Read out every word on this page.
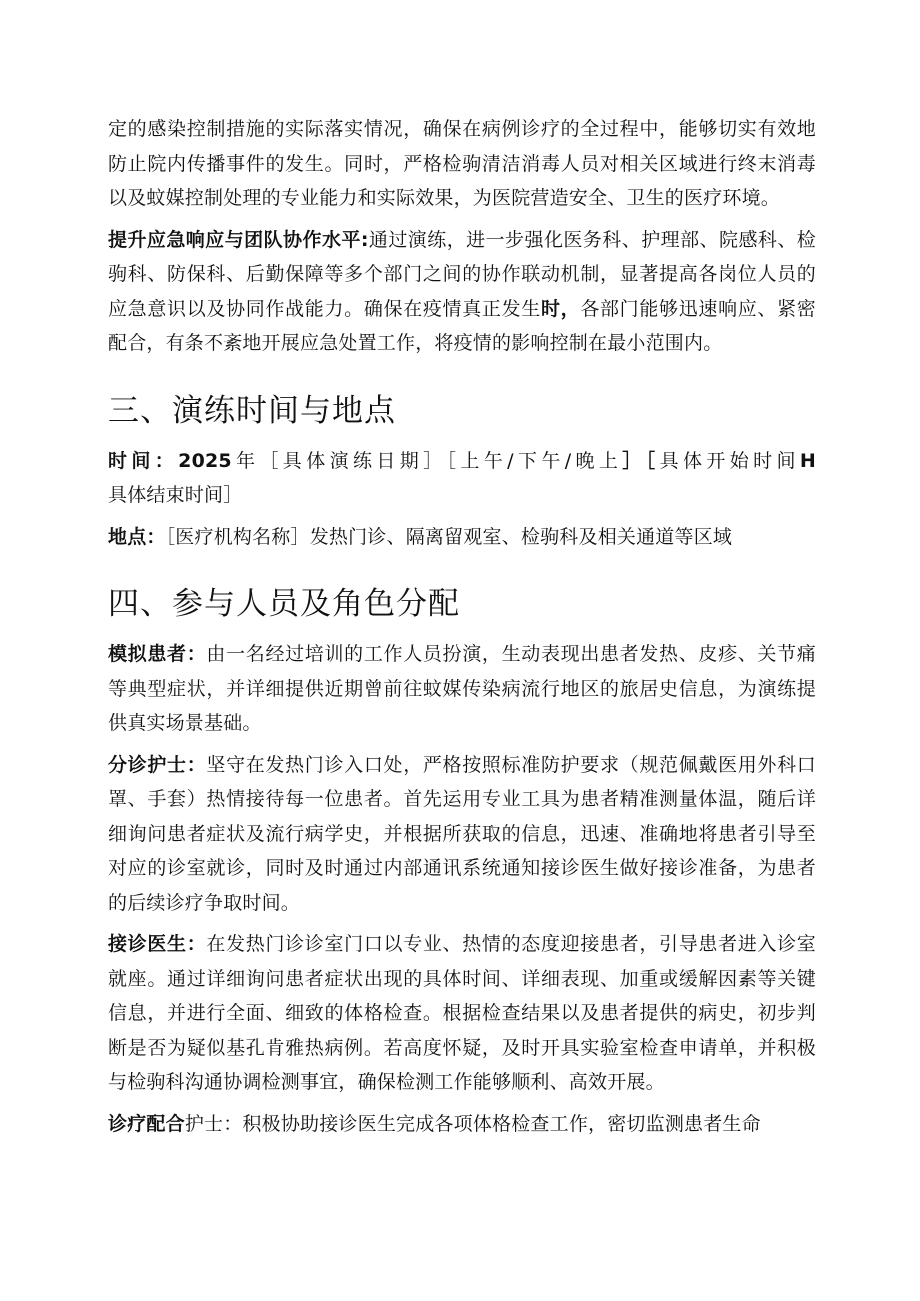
定的感染控制措施的实际落实情况，确保在病例诊疗的全过程中，能够切实有效地防止院内传播事件的发生。同时，严格检驹清洁消毒人员对相关区域进行终末消毒以及蚊媒控制处理的专业能力和实际效果，为医院营造安全、卫生的医疗环境。

提升应急响应与团队协作水平:通过演练，进一步强化医务科、护理部、院感科、检驹科、防保科、后勤保障等多个部门之间的协作联动机制，显著提高各岗位人员的应急意识以及协同作战能力。确保在疫情真正发生时，各部门能够迅速响应、紧密配合，有条不紊地开展应急处置工作，将疫情的影响控制在最小范围内。

三、演练时间与地点

时间：2025年［具体演练日期］［上午/下午/晚上］［具体开始时间H具体结束时间］

地点：［医疗机构名称］发热门诊、隔离留观室、检驹科及相关通道等区域

四、参与人员及角色分配

模拟患者：由一名经过培训的工作人员扮演，生动表现出患者发热、皮疹、关节痛等典型症状，并详细提供近期曾前往蚊媒传染病流行地区的旅居史信息，为演练提供真实场景基础。

分诊护士：坚守在发热门诊入口处，严格按照标准防护要求（规范佩戴医用外科口罩、手套）热情接待每一位患者。首先运用专业工具为患者精准测量体温，随后详细询问患者症状及流行病学史，并根据所获取的信息，迅速、准确地将患者引导至对应的诊室就诊，同时及时通过内部通讯系统通知接诊医生做好接诊准备，为患者的后续诊疗争取时间。

接诊医生：在发热门诊诊室门口以专业、热情的态度迎接患者，引导患者进入诊室就座。通过详细询问患者症状出现的具体时间、详细表现、加重或缓解因素等关键信息，并进行全面、细致的体格检查。根据检查结果以及患者提供的病史，初步判断是否为疑似基孔肯雅热病例。若高度怀疑，及时开具实验室检查申请单，并积极与检驹科沟通协调检测事宜，确保检测工作能够顺利、高效开展。

诊疗配合护士：积极协助接诊医生完成各项体格检查工作，密切监测患者生命
